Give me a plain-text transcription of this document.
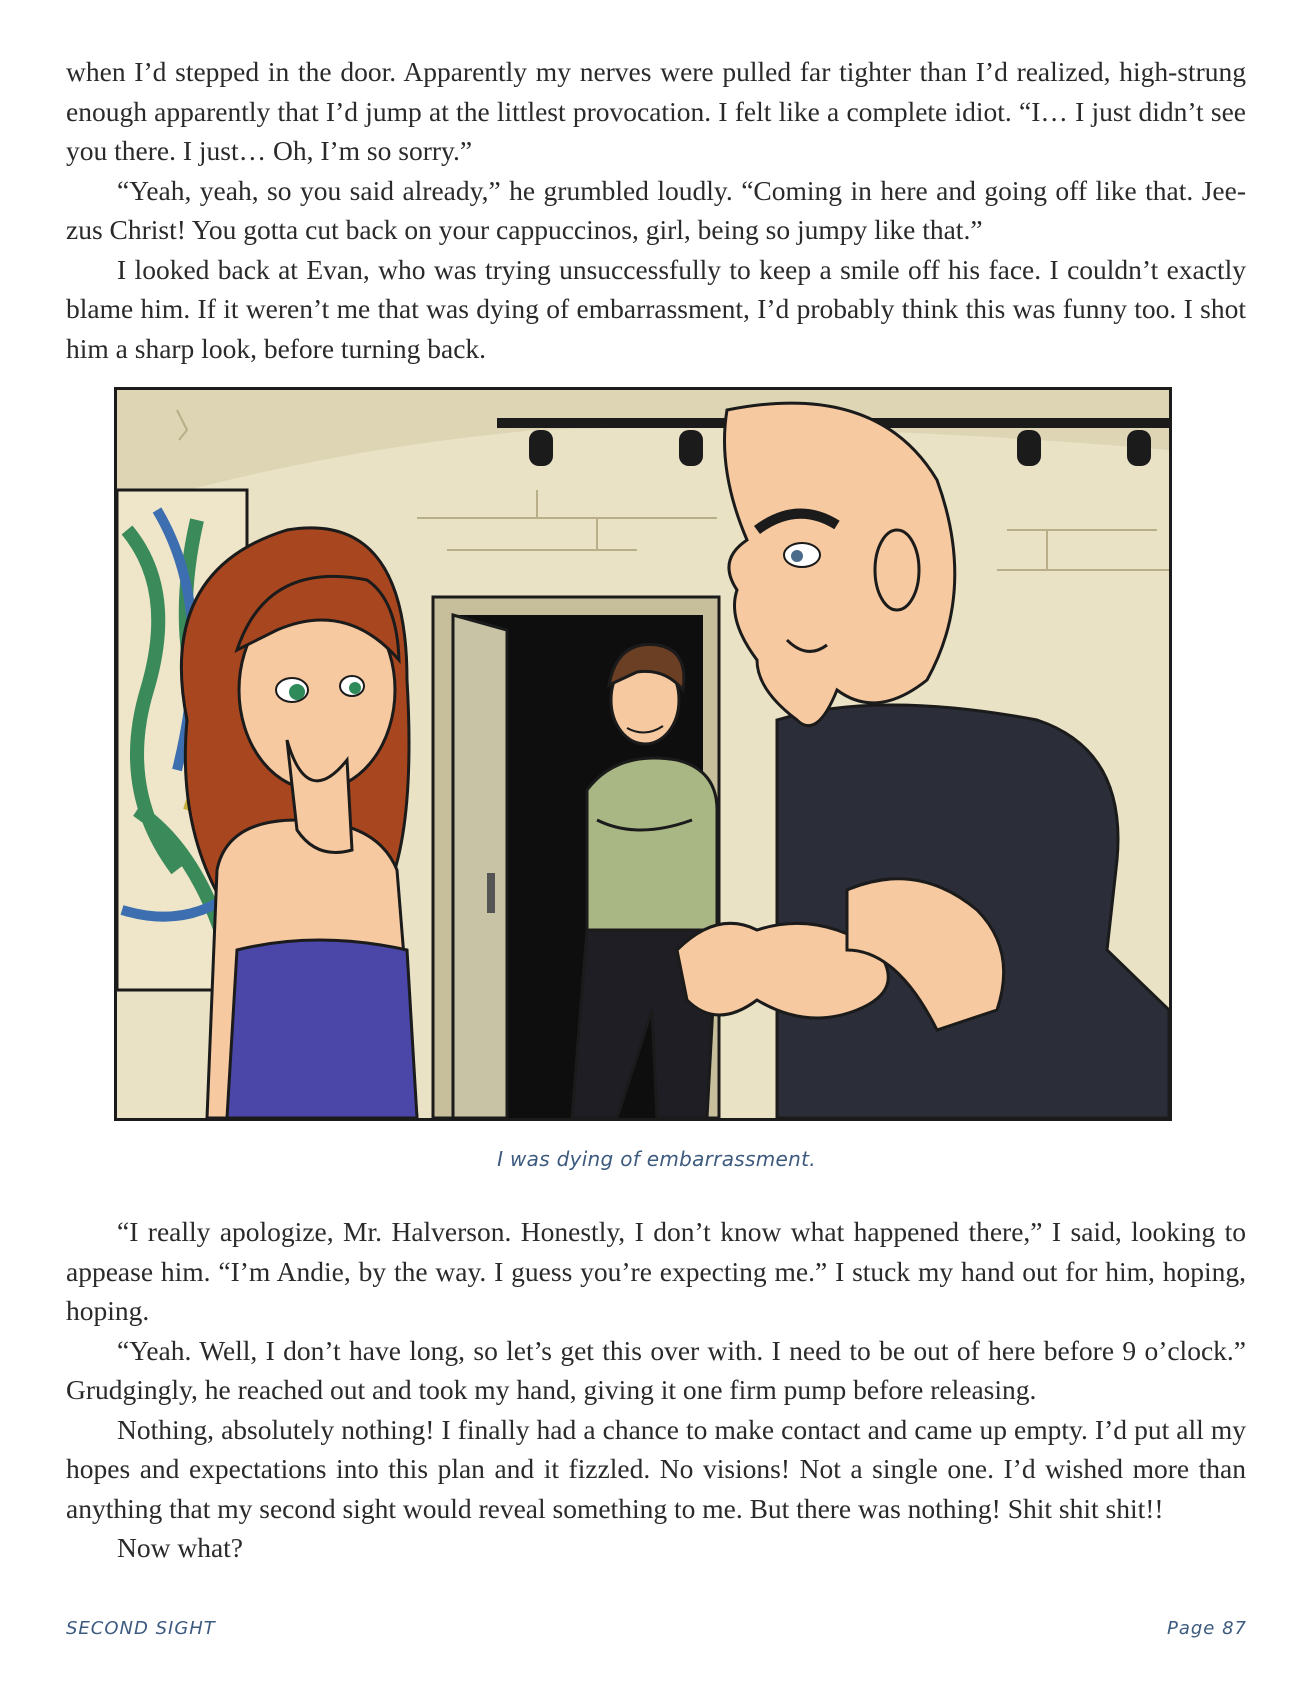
when I’d stepped in the door. Apparently my nerves were pulled far tighter than I’d realized, high-strung enough apparently that I’d jump at the littlest provocation. I felt like a complete idiot. “I… I just didn’t see you there. I just… Oh, I’m so sorry.”

“Yeah, yeah, so you said already,” he grumbled loudly. “Coming in here and going off like that. Jee-zus Christ! You gotta cut back on your cappuccinos, girl, being so jumpy like that.”

I looked back at Evan, who was trying unsuccessfully to keep a smile off his face. I couldn’t exactly blame him. If it weren’t me that was dying of embarrassment, I’d probably think this was funny too. I shot him a sharp look, before turning back.

I was dying of embarrassment.

“I really apologize, Mr. Halverson. Honestly, I don’t know what happened there,” I said, looking to appease him. “I’m Andie, by the way. I guess you’re expecting me.” I stuck my hand out for him, hoping, hoping.

“Yeah. Well, I don’t have long, so let’s get this over with. I need to be out of here before 9 o’clock.” Grudgingly, he reached out and took my hand, giving it one firm pump before releasing.

Nothing, absolutely nothing! I finally had a chance to make contact and came up empty. I’d put all my hopes and expectations into this plan and it fizzled. No visions! Not a single one. I’d wished more than anything that my second sight would reveal something to me. But there was nothing! Shit shit shit!!

Now what?

SECOND SIGHT	Page 87
